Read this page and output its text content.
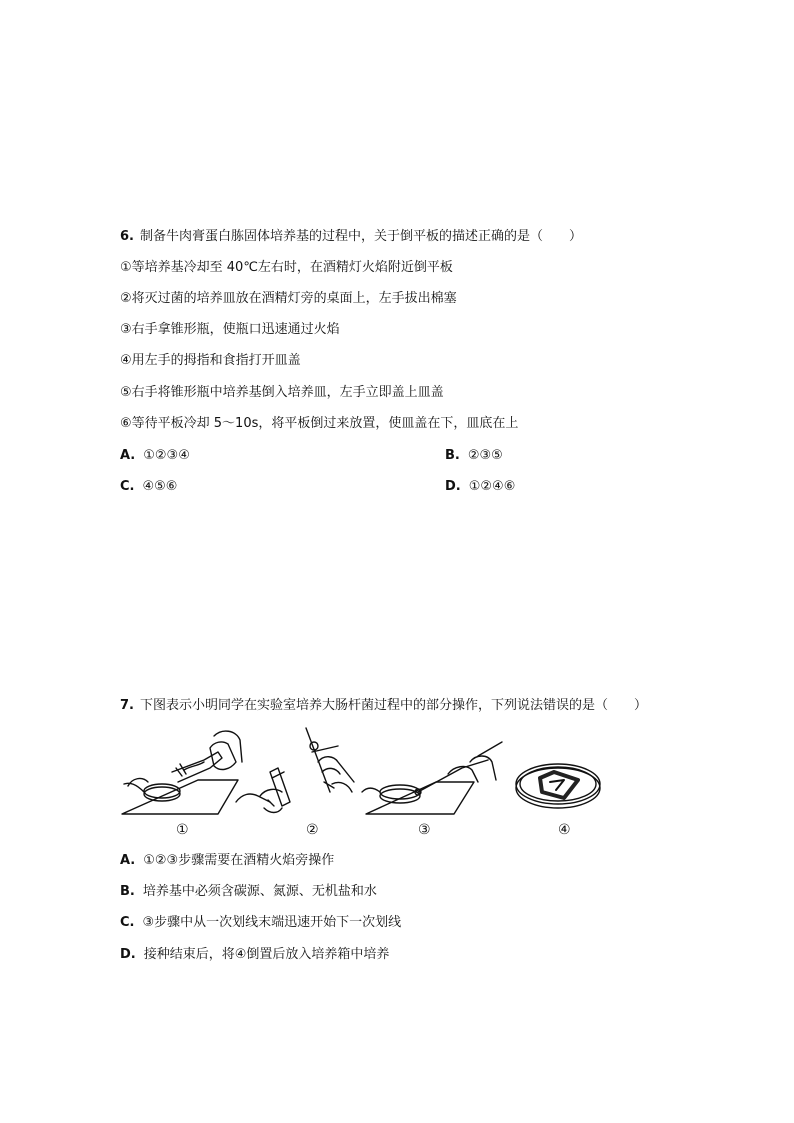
6. 制备牛肉膏蛋白胨固体培养基的过程中，关于倒平板的描述正确的是（　　）
①等培养基冷却至 40℃左右时，在酒精灯火焰附近倒平板
②将灭过菌的培养皿放在酒精灯旁的桌面上，左手拔出棉塞
③右手拿锥形瓶，使瓶口迅速通过火焰
④用左手的拇指和食指打开皿盖
⑤右手将锥形瓶中培养基倒入培养皿，左手立即盖上皿盖
⑥等待平板冷却 5～10s，将平板倒过来放置，使皿盖在下，皿底在上
A. ①②③④	B. ②③⑤
C. ④⑤⑥	D. ①②④⑥
7. 下图表示小明同学在实验室培养大肠杆菌过程中的部分操作，下列说法错误的是（　　）
①	②	③	④
A. ①②③步骤需要在酒精火焰旁操作
B. 培养基中必须含碳源、氮源、无机盐和水
C. ③步骤中从一次划线末端迅速开始下一次划线
D. 接种结束后，将④倒置后放入培养箱中培养
